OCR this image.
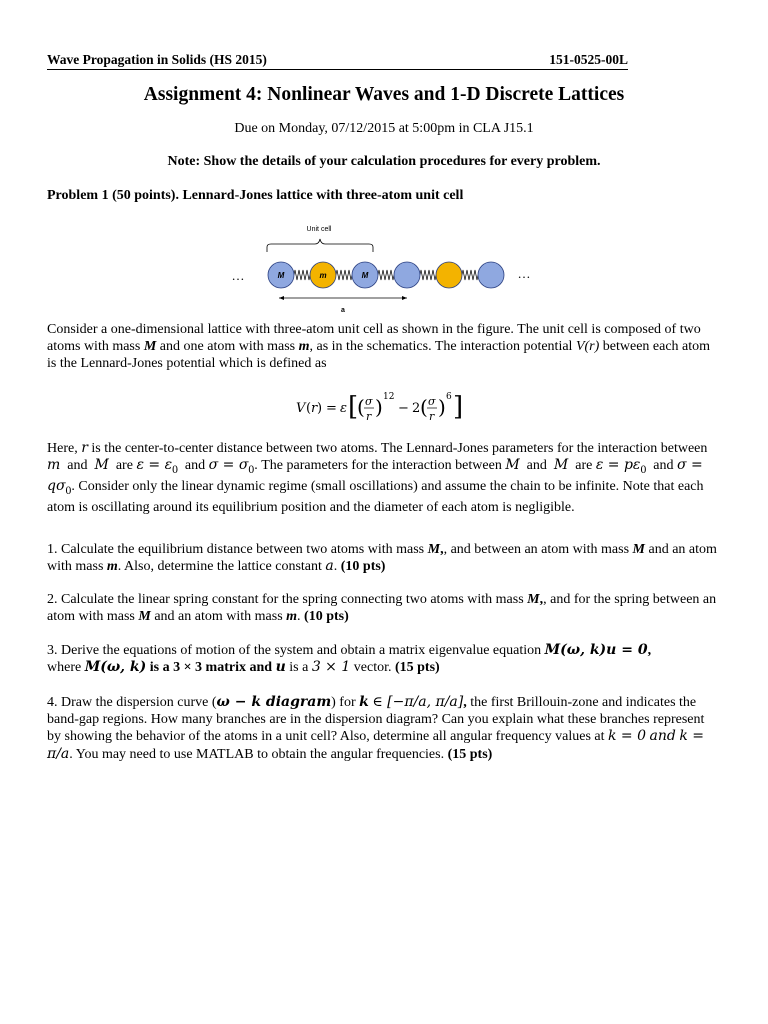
Wave Propagation in Solids (HS 2015)	151-0525-00L
Assignment 4: Nonlinear Waves and 1-D Discrete Lattices
Due on Monday, 07/12/2015 at 5:00pm in CLA J15.1
Note: Show the details of your calculation procedures for every problem.
Problem 1 (50 points). Lennard-Jones lattice with three-atom unit cell
Unit cell
…	M	m	M	…
a
Consider a one-dimensional lattice with three-atom unit cell as shown in the figure. The unit cell is composed of two atoms with mass M and one atom with mass m, as in the schematics. The interaction potential V(r) between each atom is the Lennard-Jones potential which is defined as
V ( r ) = ε [
( σ
r ) 12
− 2 ( σ
r ) 6 ]
Here, r is the center-to-center distance between two atoms. The Lennard-Jones parameters for the interaction between m  and  M  are $\varepsilon = \varepsilon_0$  and $\sigma = \sigma_0$. The parameters for the interaction between M  and  M  are $\varepsilon = p\varepsilon_0$  and $\sigma = q\sigma_0$. Consider only the linear dynamic regime (small oscillations) and assume the chain to be infinite. Note that each atom is oscillating around its equilibrium position and the diameter of each atom is negligible.
1. Calculate the equilibrium distance between two atoms with mass M,, and between an atom with mass M and an atom with mass m. Also, determine the lattice constant a. (10 pts)
2. Calculate the linear spring constant for the spring connecting two atoms with mass M,, and for the spring between an atom with mass M and an atom with mass m. (10 pts)
3. Derive the equations of motion of the system and obtain a matrix eigenvalue equation M(ω, k)u = 0,
where M(ω, k) is a 3 × 3 matrix and u is a 3 × 1 vector. (15 pts)
4. Draw the dispersion curve (ω − k diagram) for k ∈ [−π/a, π/a], the first Brillouin-zone and indicates the band-gap regions. How many branches are in the dispersion diagram? Can you explain what these branches represent by showing the behavior of the atoms in a unit cell? Also, determine all angular frequency values at k = 0 and k = π/a. You may need to use MATLAB to obtain the angular frequencies. (15 pts)
